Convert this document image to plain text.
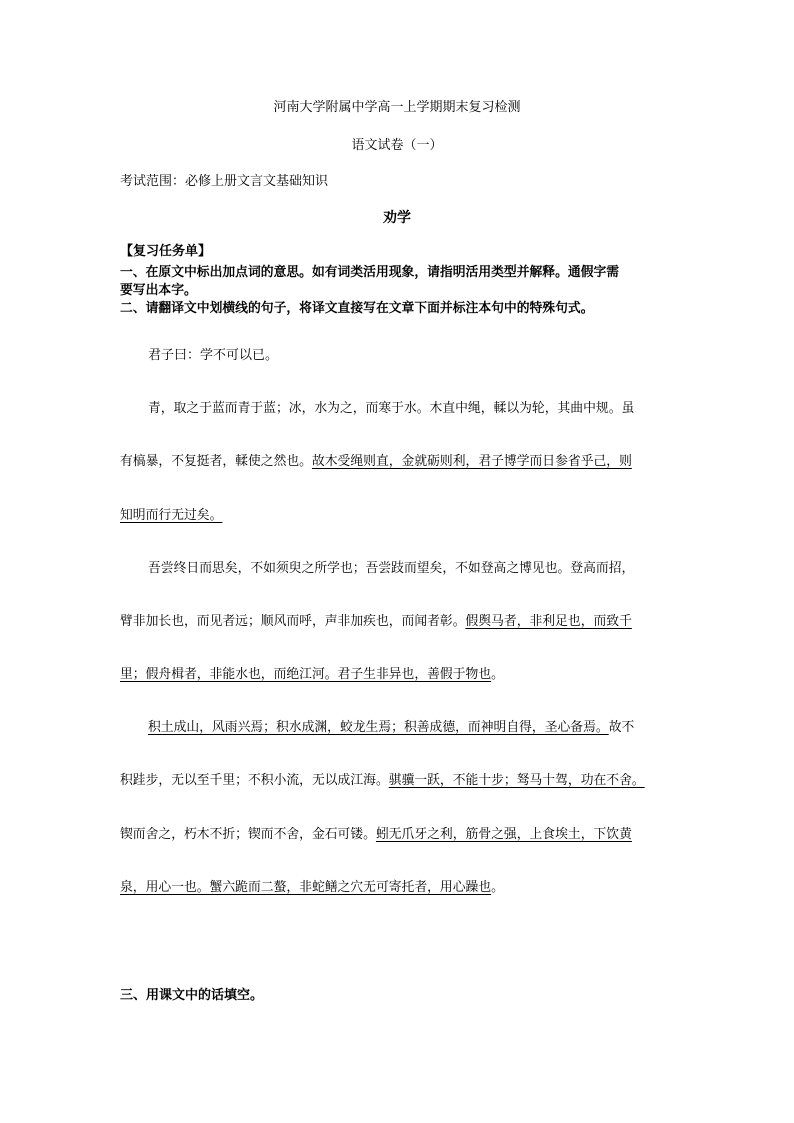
河南大学附属中学高一上学期期末复习检测
语文试卷（一）
考试范围：必修上册文言文基础知识
劝学
【复习任务单】
一、在原文中标出加点词的意思。如有词类活用现象，请指明活用类型并解释。通假字需
要写出本字。
二、请翻译文中划横线的句子，将译文直接写在文章下面并标注本句中的特殊句式。
君子曰：学不可以已。
青，取之于蓝而青于蓝；冰，水为之，而寒于水。木直中绳，輮以为轮，其曲中规。虽
有槁暴，不复挺者，輮使之然也。故木受绳则直，金就砺则利，君子博学而日参省乎己，则
知明而行无过矣。
吾尝终日而思矣，不如须臾之所学也；吾尝跂而望矣，不如登高之博见也。登高而招，
臂非加长也，而见者远；顺风而呼，声非加疾也，而闻者彰。假舆马者，非利足也，而致千
里；假舟楫者，非能水也，而绝江河。君子生非异也，善假于物也。
积土成山，风雨兴焉；积水成渊，蛟龙生焉；积善成德，而神明自得，圣心备焉。故不
积跬步，无以至千里；不积小流，无以成江海。骐骥一跃，不能十步；驽马十驾，功在不舍。
锲而舍之，朽木不折；锲而不舍，金石可镂。蚓无爪牙之利，筋骨之强，上食埃土，下饮黄
泉，用心一也。蟹六跪而二螯，非蛇鳝之穴无可寄托者，用心躁也。
三、用课文中的话填空。
